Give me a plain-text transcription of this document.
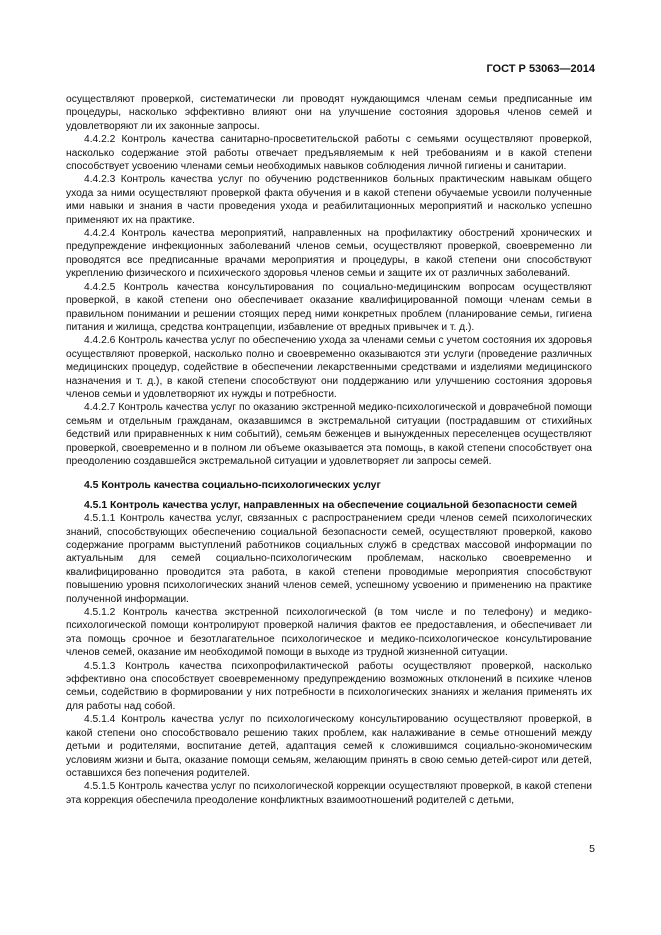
ГОСТ Р 53063—2014

осуществляют проверкой, систематически ли проводят нуждающимся членам семьи предписанные им процедуры, насколько эффективно влияют они на улучшение состояния здоровья членов семей и удовлетворяют ли их законные запросы.

4.4.2.2 Контроль качества санитарно-просветительской работы с семьями осуществляют проверкой, насколько содержание этой работы отвечает предъявляемым к ней требованиям и в какой степени способствует усвоению членами семьи необходимых навыков соблюдения личной гигиены и санитарии.

4.4.2.3 Контроль качества услуг по обучению родственников больных практическим навыкам общего ухода за ними осуществляют проверкой факта обучения и в какой степени обучаемые усвоили полученные ими навыки и знания в части проведения ухода и реабилитационных мероприятий и насколько успешно применяют их на практике.

4.4.2.4 Контроль качества мероприятий, направленных на профилактику обострений хронических и предупреждение инфекционных заболеваний членов семьи, осуществляют проверкой, своевременно ли проводятся все предписанные врачами мероприятия и процедуры, в какой степени они способствуют укреплению физического и психического здоровья членов семьи и защите их от различных заболеваний.

4.4.2.5 Контроль качества консультирования по социально-медицинским вопросам осуществляют проверкой, в какой степени оно обеспечивает оказание квалифицированной помощи членам семьи в правильном понимании и решении стоящих перед ними конкретных проблем (планирование семьи, гигиена питания и жилища, средства контрацепции, избавление от вредных привычек и т. д.).

4.4.2.6 Контроль качества услуг по обеспечению ухода за членами семьи с учетом состояния их здоровья осуществляют проверкой, насколько полно и своевременно оказываются эти услуги (проведение различных медицинских процедур, содействие в обеспечении лекарственными средствами и изделиями медицинского назначения и т. д.), в какой степени способствуют они поддержанию или улучшению состояния здоровья членов семьи и удовлетворяют их нужды и потребности.

4.4.2.7 Контроль качества услуг по оказанию экстренной медико-психологической и доврачебной помощи семьям и отдельным гражданам, оказавшимся в экстремальной ситуации (пострадавшим от стихийных бедствий или приравненных к ним событий), семьям беженцев и вынужденных переселенцев осуществляют проверкой, своевременно и в полном ли объеме оказывается эта помощь, в какой степени способствует она преодолению создавшейся экстремальной ситуации и удовлетворяет ли запросы семей.

4.5 Контроль качества социально-психологических услуг
4.5.1 Контроль качества услуг, направленных на обеспечение социальной безопасности семей

4.5.1.1 Контроль качества услуг, связанных с распространением среди членов семей психологических знаний, способствующих обеспечению социальной безопасности семей, осуществляют проверкой, каково содержание программ выступлений работников социальных служб в средствах массовой информации по актуальным для семей социально-психологическим проблемам, насколько своевременно и квалифицированно проводится эта работа, в какой степени проводимые мероприятия способствуют повышению уровня психологических знаний членов семей, успешному усвоению и применению на практике полученной информации.

4.5.1.2 Контроль качества экстренной психологической (в том числе и по телефону) и медико-психологической помощи контролируют проверкой наличия фактов ее предоставления, и обеспечивает ли эта помощь срочное и безотлагательное психологическое и медико-психологическое консультирование членов семей, оказание им необходимой помощи в выходе из трудной жизненной ситуации.

4.5.1.3 Контроль качества психопрофилактической работы осуществляют проверкой, насколько эффективно она способствует своевременному предупреждению возможных отклонений в психике членов семьи, содействию в формировании у них потребности в психологических знаниях и желания применять их для работы над собой.

4.5.1.4 Контроль качества услуг по психологическому консультированию осуществляют проверкой, в какой степени оно способствовало решению таких проблем, как налаживание в семье отношений между детьми и родителями, воспитание детей, адаптация семей к сложившимся социально-экономическим условиям жизни и быта, оказание помощи семьям, желающим принять в свою семью детей-сирот или детей, оставшихся без попечения родителей.

4.5.1.5 Контроль качества услуг по психологической коррекции осуществляют проверкой, в какой степени эта коррекция обеспечила преодоление конфликтных взаимоотношений родителей с детьми,

5
